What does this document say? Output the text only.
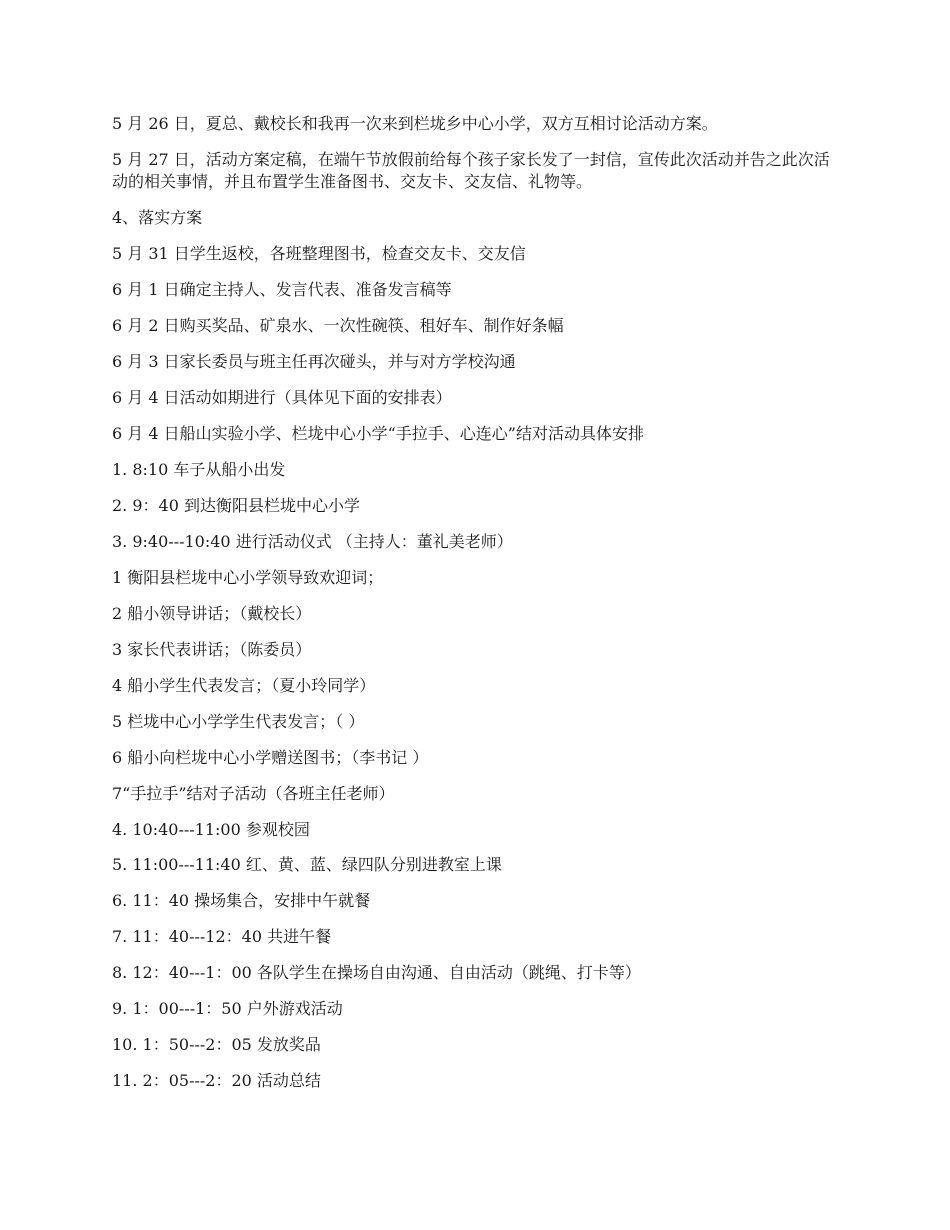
5 月 26 日，夏总、戴校长和我再一次来到栏垅乡中心小学，双方互相讨论活动方案。

5 月 27 日，活动方案定稿，在端午节放假前给每个孩子家长发了一封信，宣传此次活动并告之此次活动的相关事情，并且布置学生准备图书、交友卡、交友信、礼物等。

4、落实方案

5 月 31 日学生返校，各班整理图书，检查交友卡、交友信

6 月 1 日确定主持人、发言代表、准备发言稿等

6 月 2 日购买奖品、矿泉水、一次性碗筷、租好车、制作好条幅

6 月 3 日家长委员与班主任再次碰头，并与对方学校沟通

6 月 4 日活动如期进行（具体见下面的安排表）

6 月 4 日船山实验小学、栏垅中心小学“手拉手、心连心”结对活动具体安排

1. 8:10 车子从船小出发

2. 9：40 到达衡阳县栏垅中心小学

3. 9:40---10:40 进行活动仪式 （主持人：董礼美老师）

1 衡阳县栏垅中心小学领导致欢迎词；

2 船小领导讲话；（戴校长）

3 家长代表讲话；（陈委员）

4 船小学生代表发言；（夏小玲同学）

5 栏垅中心小学学生代表发言；（ ）

6 船小向栏垅中心小学赠送图书；（李书记 ）

7“手拉手”结对子活动（各班主任老师）

4. 10:40---11:00 参观校园

5. 11:00---11:40 红、黄、蓝、绿四队分别进教室上课

6. 11：40 操场集合，安排中午就餐

7. 11：40---12：40 共进午餐

8. 12：40---1：00 各队学生在操场自由沟通、自由活动（跳绳、打卡等）

9. 1：00---1：50 户外游戏活动

10. 1：50---2：05 发放奖品

11. 2：05---2：20 活动总结
